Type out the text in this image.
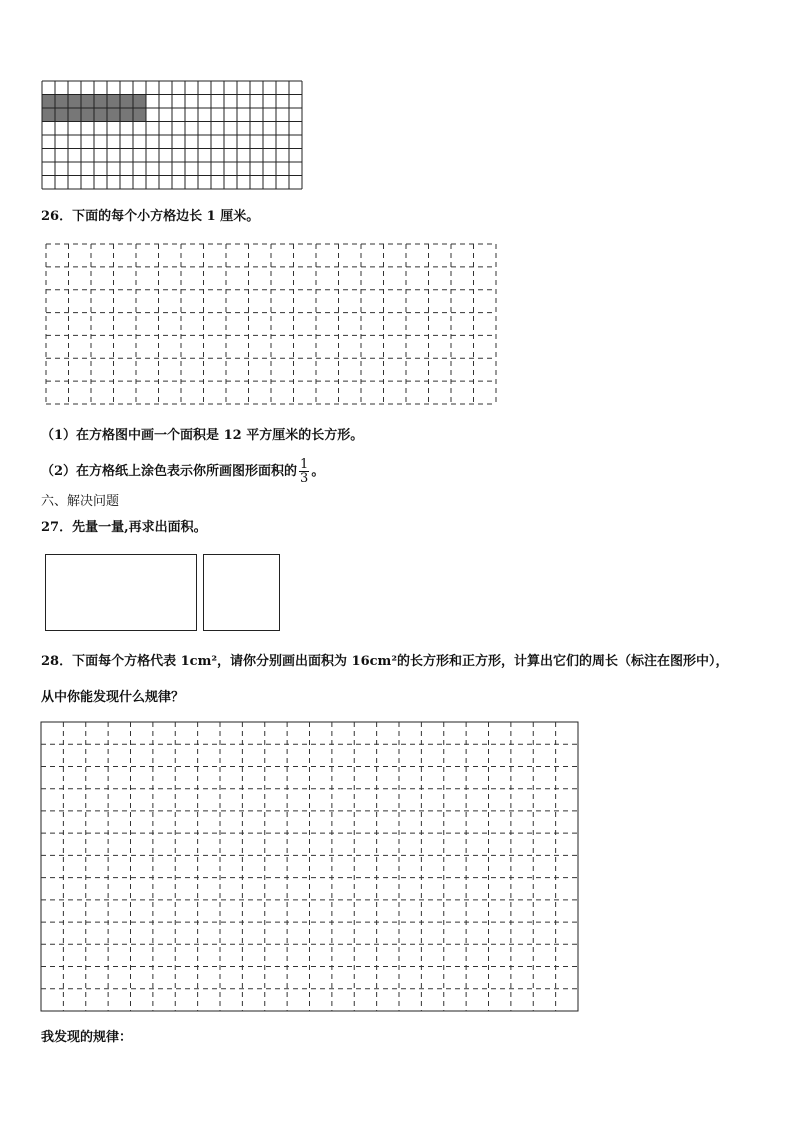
26．下面的每个小方格边长 1 厘米。
（1）在方格图中画一个面积是 12 平方厘米的长方形。
（2）在方格纸上涂色表示你所画图形面积的 $\frac{1}{3}$ 。
六、解决问题
27．先量一量,再求出面积。
28．下面每个方格代表 1cm²，请你分别画出面积为 16cm²的长方形和正方形，计算出它们的周长（标注在图形中），
从中你能发现什么规律？
我发现的规律：
